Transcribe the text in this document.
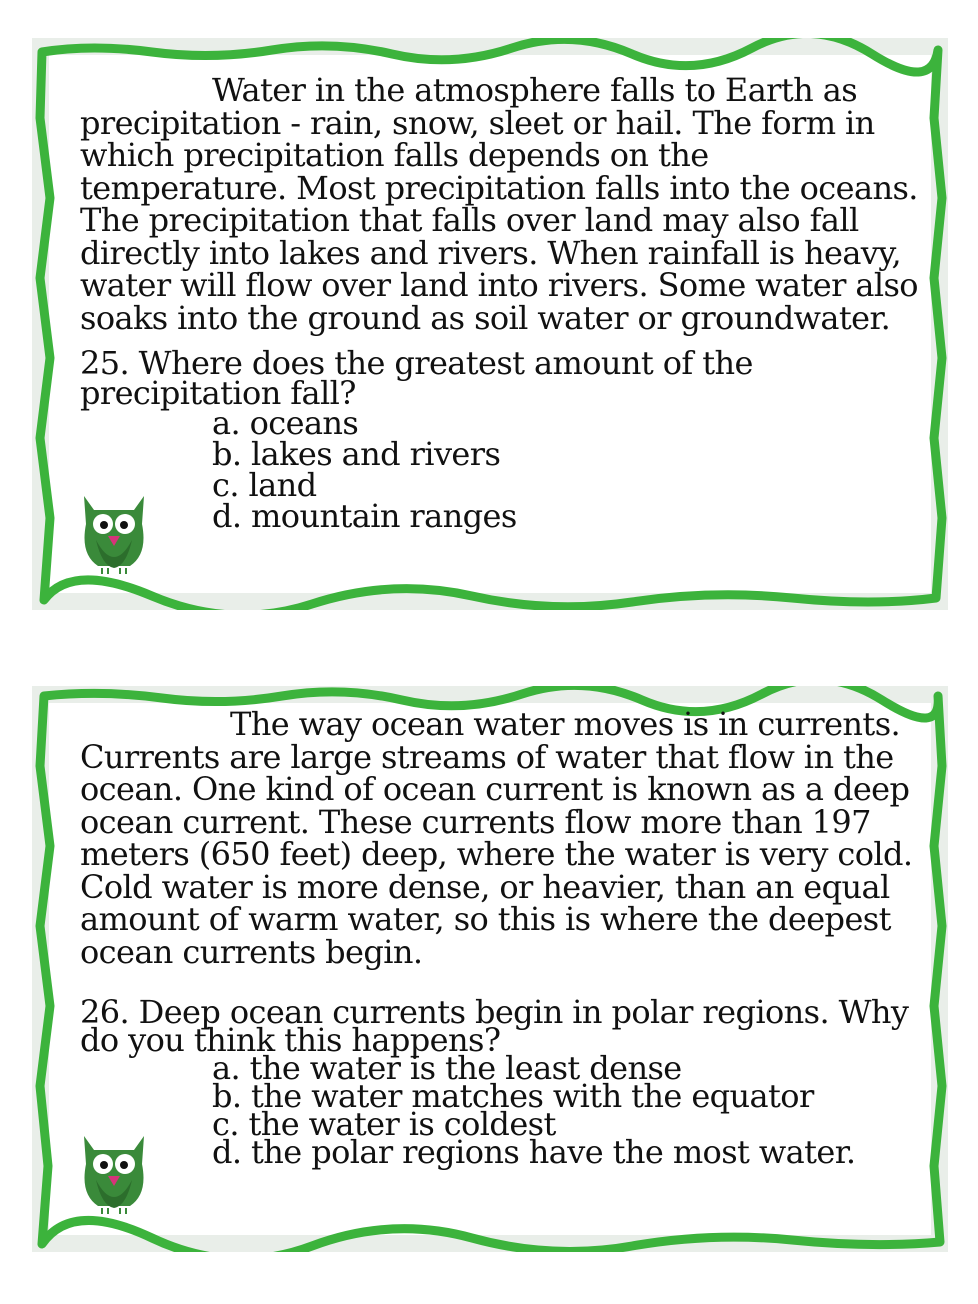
Water in the atmosphere falls to Earth as precipitation - rain, snow, sleet or hail. The form in which precipitation falls depends on the temperature. Most precipitation falls into the oceans. The precipitation that falls over land may also fall directly into lakes and rivers. When rainfall is heavy, water will flow over land into rivers. Some water also soaks into the ground as soil water or groundwater.

25. Where does the greatest amount of the precipitation fall?

a. oceans
b. lakes and rivers
c. land
d. mountain ranges

The way ocean water moves is in currents. Currents are large streams of water that flow in the ocean. One kind of ocean current is known as a deep ocean current. These currents flow more than 197 meters (650 feet) deep, where the water is very cold. Cold water is more dense, or heavier, than an equal amount of warm water, so this is where the deepest ocean currents begin.

26. Deep ocean currents begin in polar regions. Why do you think this happens?

a. the water is the least dense
b. the water matches with the equator
c. the water is coldest
d. the polar regions have the most water.
